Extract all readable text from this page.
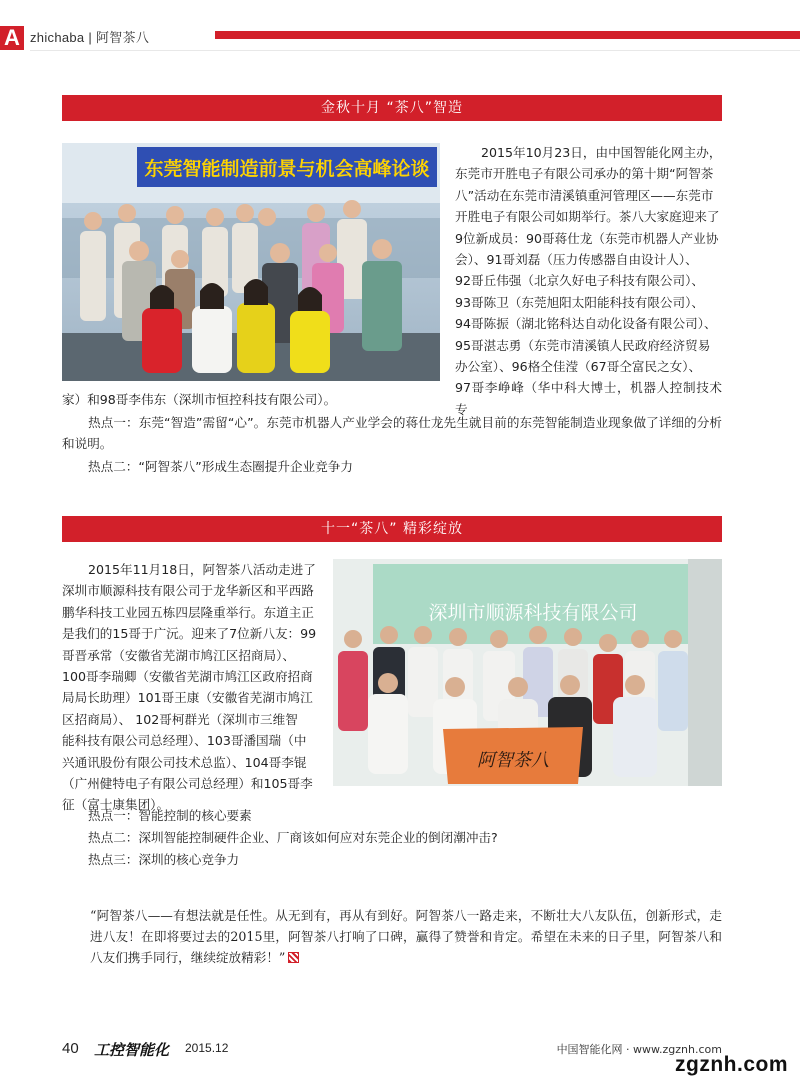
A zhichaba | 阿智茶八
金秋十月 “茶八”智造
东莞智能制造前景与机会高峰论谈
2015年10月23日，由中国智能化网主办，
东莞市开胜电子有限公司承办的第十期“阿智茶
八”活动在东莞市清溪镇重河管理区——东莞市
开胜电子有限公司如期举行。茶八大家庭迎来了
9位新成员：90哥蒋仕龙（东莞市机器人产业协
会）、91哥刘磊（压力传感器自由设计人）、
92哥丘伟强（北京久好电子科技有限公司）、
93哥陈卫（东莞旭阳太阳能科技有限公司）、
94哥陈振（湖北铭科达自动化设备有限公司）、
95哥湛志勇（东莞市清溪镇人民政府经济贸易
办公室）、96格仝佳滢（67哥仝富民之女）、
97哥李峥峰（华中科大博士，机器人控制技术专
家）和98哥李伟东（深圳市恒控科技有限公司）。
热点一：东莞“智造”需留“心”。东莞市机器人产业学会的蒋仕龙先生就目前的东莞智能制造业现象做了详细的分析和说明。
热点二：“阿智茶八”形成生态圈提升企业竞争力
十一“茶八” 精彩绽放
2015年11月18日，阿智茶八活动走进了
深圳市顺源科技有限公司于龙华新区和平西路
鹏华科技工业园五栋四层隆重举行。东道主正
是我们的15哥于广沅。迎来了7位新八友：99
哥晋承常（安徽省芜湖市鸠江区招商局）、
100哥李瑞卿（安徽省芜湖市鸠江区政府招商
局局长助理）101哥王康（安徽省芜湖市鸠江
区招商局）、 102哥柯群光（深圳市三维智
能科技有限公司总经理）、103哥潘国瑞（中
兴通讯股份有限公司技术总监）、104哥李锟
（广州健特电子有限公司总经理）和105哥李
征（富士康集团）。
深圳市顺源科技有限公司
阿智茶八
热点一：智能控制的核心要素
热点二：深圳智能控制硬件企业、厂商该如何应对东莞企业的倒闭潮冲击?
热点三：深圳的核心竞争力
“阿智茶八——有想法就是任性。从无到有，再从有到好。阿智茶八一路走来，不断壮大八友队伍，创新形式，走进八友！在即将要过去的2015里，阿智茶八打响了口碑，赢得了赞誉和肯定。希望在未来的日子里，阿智茶八和八友们携手同行，继续绽放精彩！”
40 工控智能化 2015.12	中国智能化网 · www.zgznh.com
zgznh.com
